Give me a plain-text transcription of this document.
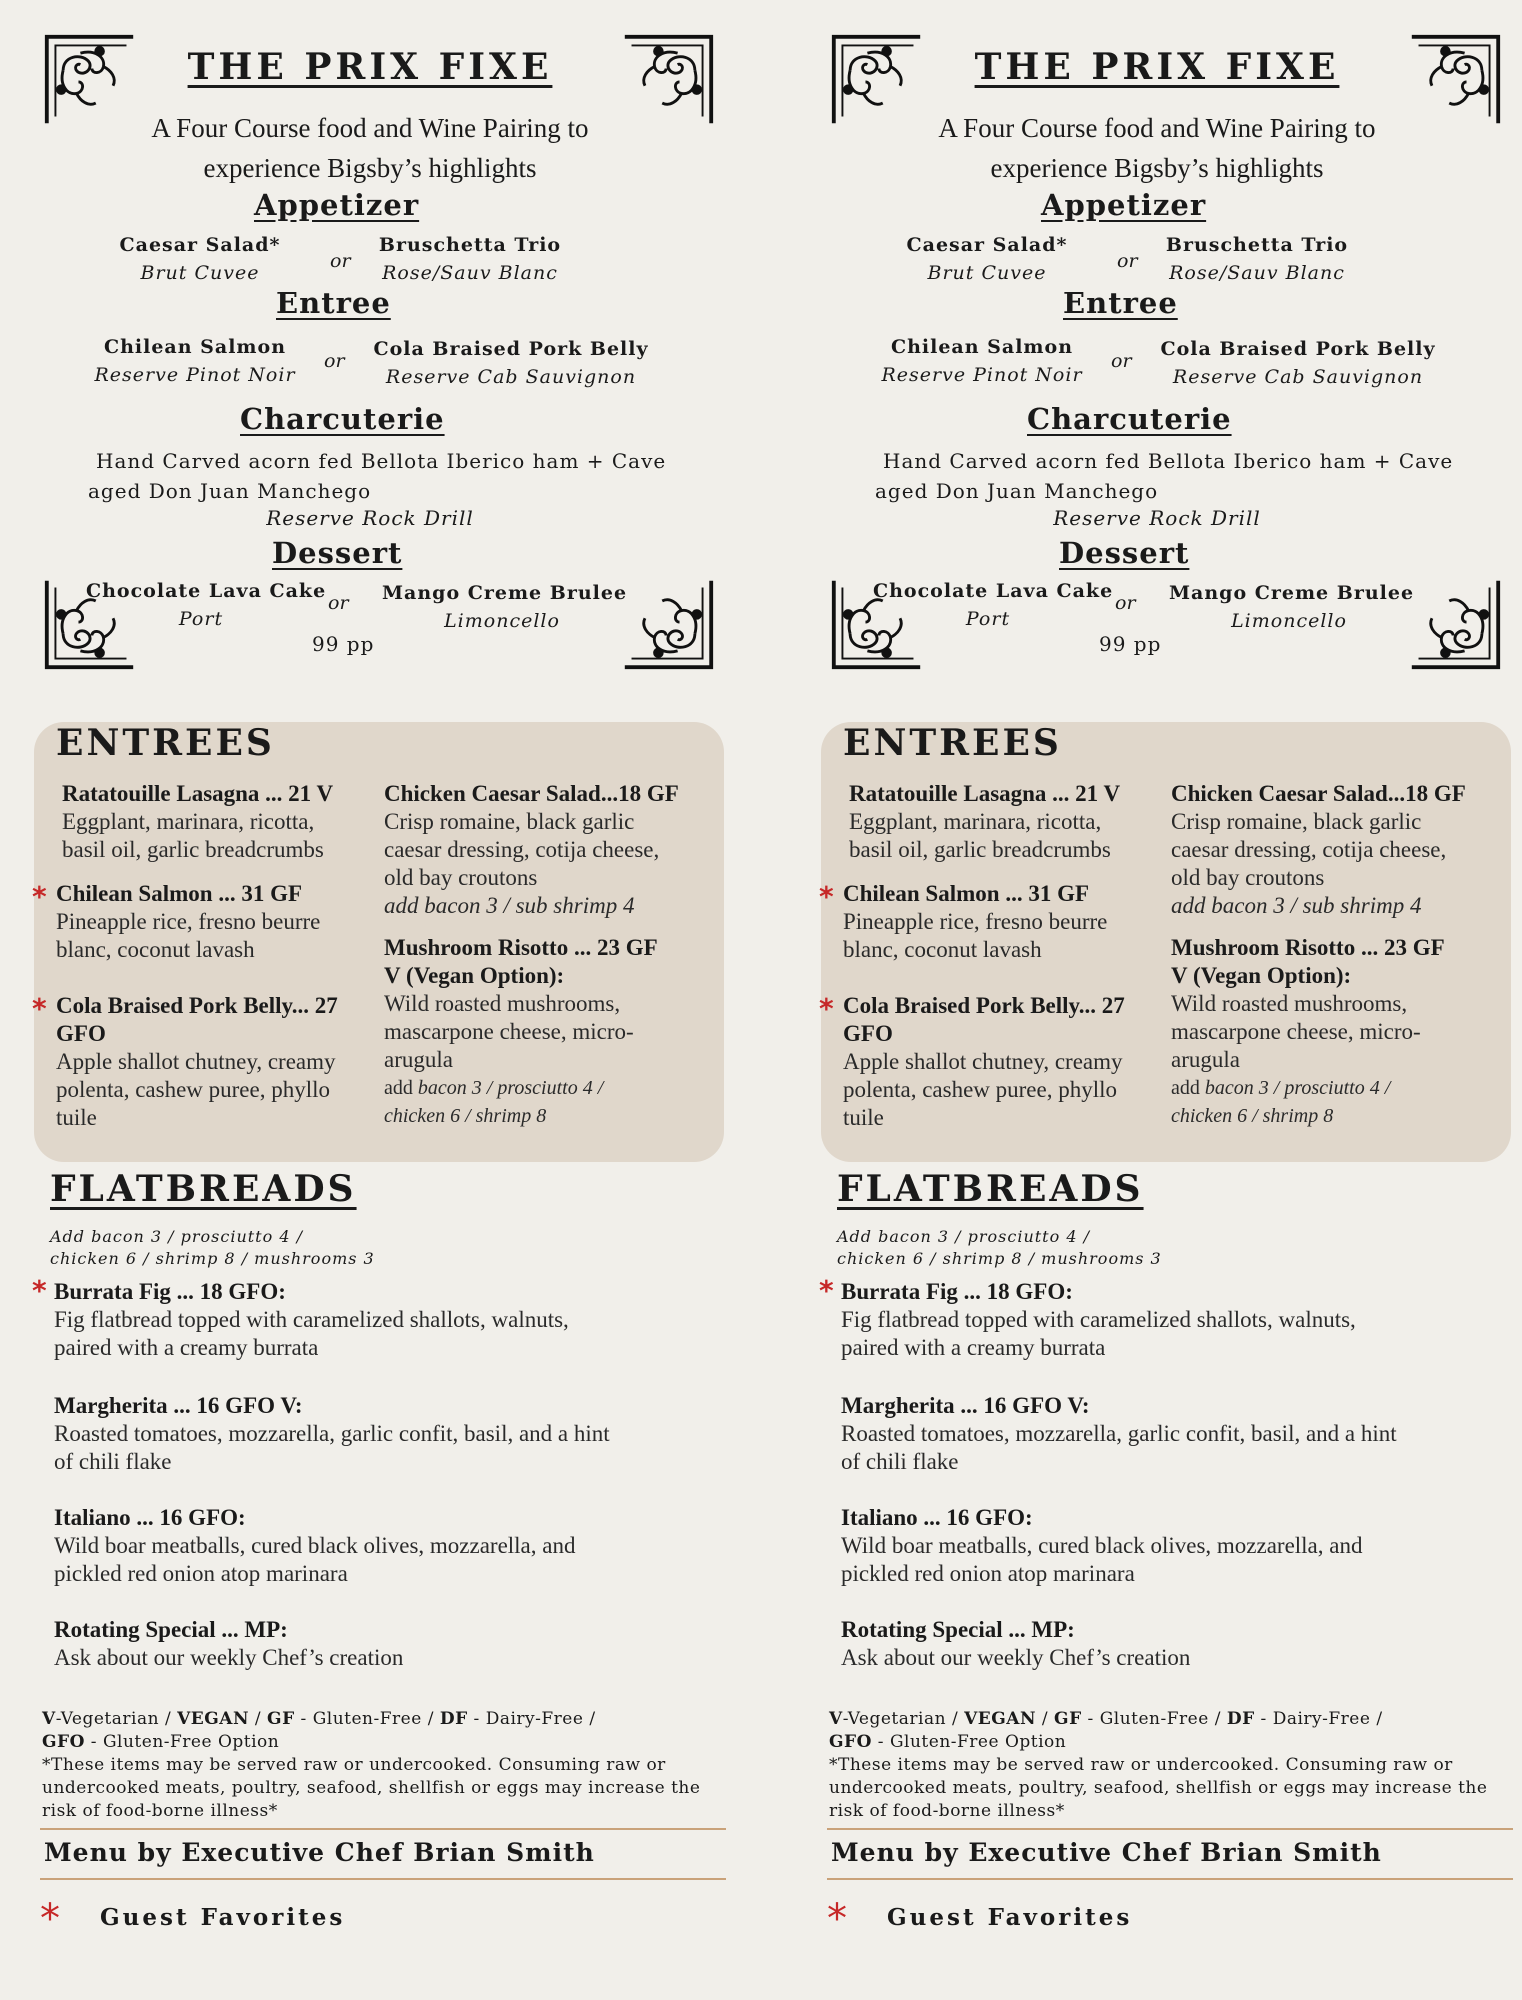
THE PRIX FIXE
A Four Course food and Wine Pairing to
experience Bigsby’s highlights
Appetizer
Caesar Salad*
Brut Cuvee
or
Bruschetta Trio
Rose/Sauv Blanc
Entree
Chilean Salmon
Reserve Pinot Noir
or
Cola Braised Pork Belly
Reserve Cab Sauvignon
Charcuterie
Hand Carved acorn fed Bellota Iberico ham + Cave
aged Don Juan Manchego
Reserve Rock Drill
Dessert
Chocolate Lava Cake
Port
or Mango Creme Brulee
Limoncello
99 pp
ENTREES
Ratatouille Lasagna ... 21 V
Eggplant, marinara, ricotta,
basil oil, garlic breadcrumbs
* Chilean Salmon ... 31 GF
Pineapple rice, fresno beurre
blanc, coconut lavash
* Cola Braised Pork Belly... 27
GFO
Apple shallot chutney, creamy
polenta, cashew puree, phyllo
tuile
Chicken Caesar Salad...18 GF
Crisp romaine, black garlic
caesar dressing, cotija cheese,
old bay croutons
add bacon 3 / sub shrimp 4
Mushroom Risotto ... 23 GF
V (Vegan Option):
Wild roasted mushrooms,
mascarpone cheese, micro-
arugula
add bacon 3 / prosciutto 4 /
chicken 6 / shrimp 8
FLATBREADS
Add bacon 3 / prosciutto 4 /
chicken 6 / shrimp 8 / mushrooms 3
* Burrata Fig ... 18 GFO:
Fig flatbread topped with caramelized shallots, walnuts,
paired with a creamy burrata
Margherita ... 16 GFO V:
Roasted tomatoes, mozzarella, garlic confit, basil, and a hint
of chili flake
Italiano ... 16 GFO:
Wild boar meatballs, cured black olives, mozzarella, and
pickled red onion atop marinara
Rotating Special ... MP:
Ask about our weekly Chef’s creation
V-Vegetarian / VEGAN / GF - Gluten-Free / DF - Dairy-Free /
GFO - Gluten-Free Option
*These items may be served raw or undercooked. Consuming raw or
undercooked meats, poultry, seafood, shellfish or eggs may increase the
risk of food-borne illness*
Menu by Executive Chef Brian Smith
* Guest Favorites
THE PRIX FIXE
A Four Course food and Wine Pairing to
experience Bigsby’s highlights
Appetizer
Caesar Salad*
Brut Cuvee
or
Bruschetta Trio
Rose/Sauv Blanc
Entree
Chilean Salmon
Reserve Pinot Noir
or
Cola Braised Pork Belly
Reserve Cab Sauvignon
Charcuterie
Hand Carved acorn fed Bellota Iberico ham + Cave
aged Don Juan Manchego
Reserve Rock Drill
Dessert
Chocolate Lava Cake
Port
or Mango Creme Brulee
Limoncello
99 pp
ENTREES
Ratatouille Lasagna ... 21 V
Eggplant, marinara, ricotta,
basil oil, garlic breadcrumbs
* Chilean Salmon ... 31 GF
Pineapple rice, fresno beurre
blanc, coconut lavash
* Cola Braised Pork Belly... 27
GFO
Apple shallot chutney, creamy
polenta, cashew puree, phyllo
tuile
Chicken Caesar Salad...18 GF
Crisp romaine, black garlic
caesar dressing, cotija cheese,
old bay croutons
add bacon 3 / sub shrimp 4
Mushroom Risotto ... 23 GF
V (Vegan Option):
Wild roasted mushrooms,
mascarpone cheese, micro-
arugula
add bacon 3 / prosciutto 4 /
chicken 6 / shrimp 8
FLATBREADS
Add bacon 3 / prosciutto 4 /
chicken 6 / shrimp 8 / mushrooms 3
* Burrata Fig ... 18 GFO:
Fig flatbread topped with caramelized shallots, walnuts,
paired with a creamy burrata
Margherita ... 16 GFO V:
Roasted tomatoes, mozzarella, garlic confit, basil, and a hint
of chili flake
Italiano ... 16 GFO:
Wild boar meatballs, cured black olives, mozzarella, and
pickled red onion atop marinara
Rotating Special ... MP:
Ask about our weekly Chef’s creation
V-Vegetarian / VEGAN / GF - Gluten-Free / DF - Dairy-Free /
GFO - Gluten-Free Option
*These items may be served raw or undercooked. Consuming raw or
undercooked meats, poultry, seafood, shellfish or eggs may increase the
risk of food-borne illness*
Menu by Executive Chef Brian Smith
* Guest Favorites
